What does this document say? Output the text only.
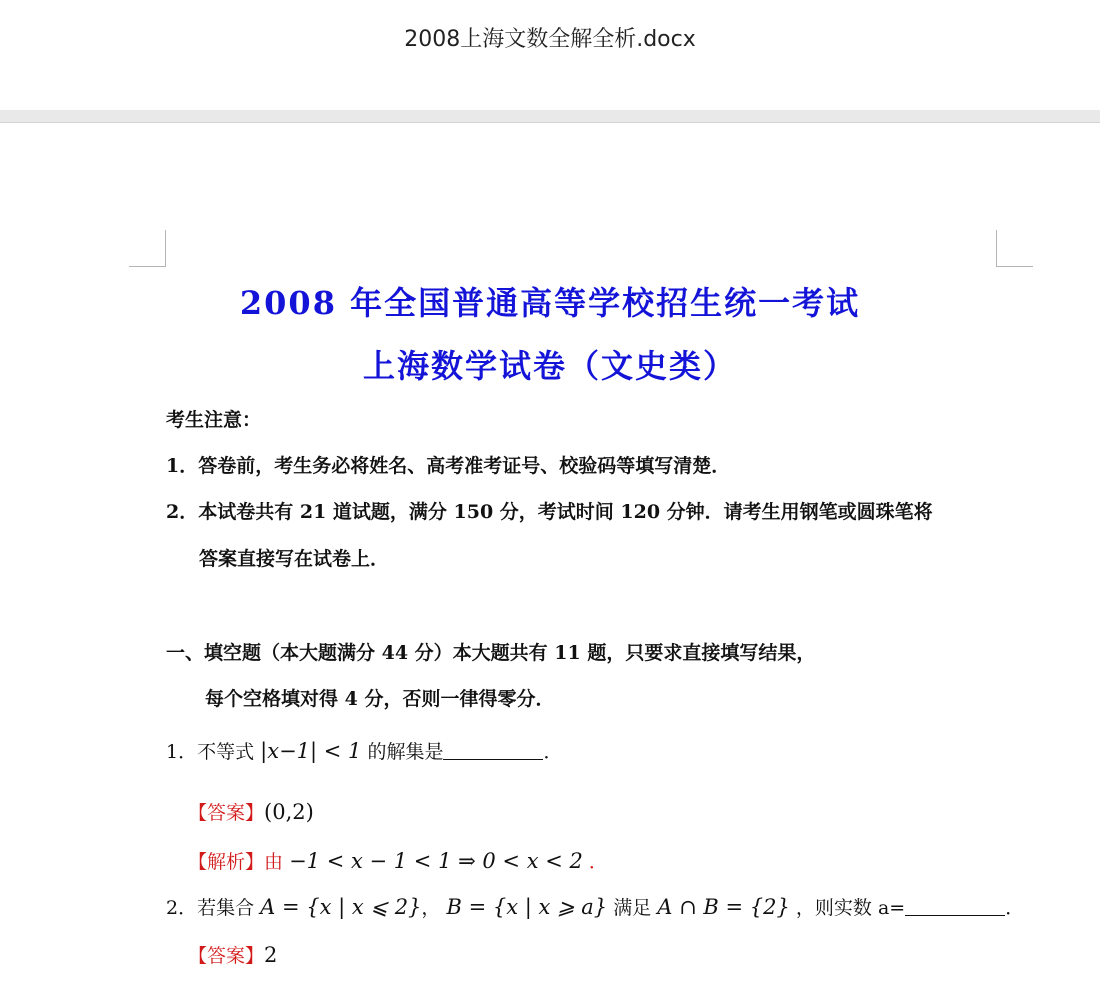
2008上海文数全解全析.docx
2008 年全国普通高等学校招生统一考试
上海数学试卷（文史类）
考生注意：
1．答卷前，考生务必将姓名、高考准考证号、校验码等填写清楚．
2．本试卷共有 21 道试题，满分 150 分，考试时间 120 分钟．请考生用钢笔或圆珠笔将
答案直接写在试卷上．
一、填空题（本大题满分 44 分）本大题共有 11 题，只要求直接填写结果，
每个空格填对得 4 分，否则一律得零分．
1．不等式 |x−1| < 1 的解集是	．
【答案】(0,2)
【解析】由 −1 < x − 1 < 1 ⇒ 0 < x < 2 ．
2．若集合 A = {x | x ⩽ 2}， B = {x | x ⩾ a} 满足 A ∩ B = {2} ，则实数 a=	．
【答案】2
